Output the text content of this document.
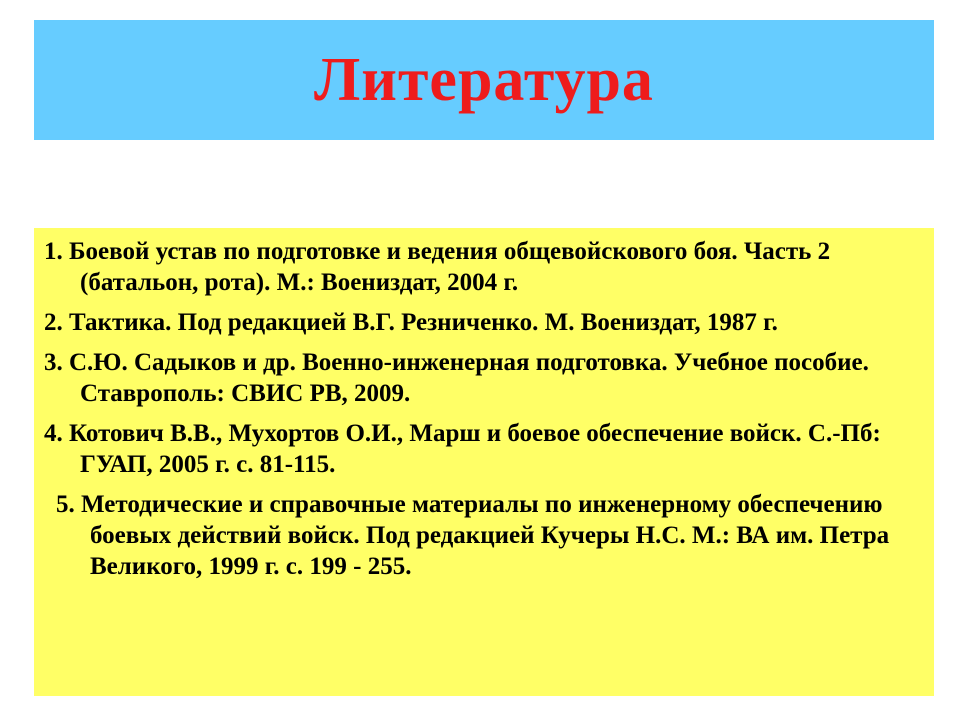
Литература
1. Боевой устав по подготовке и ведения общевойскового боя. Часть 2 (батальон, рота). М.: Воениздат, 2004 г.
2. Тактика. Под редакцией В.Г. Резниченко. М. Воениздат, 1987 г.
3. С.Ю. Садыков и др. Военно-инженерная подготовка. Учебное пособие. Ставрополь: СВИС РВ, 2009.
4. Котович В.В., Мухортов О.И., Марш и боевое обеспечение войск. С.-Пб: ГУАП, 2005 г. с. 81-115.
5. Методические и справочные материалы по инженерному обеспечению боевых действий войск. Под редакцией Кучеры Н.С. М.: ВА им. Петра Великого, 1999 г. с. 199 - 255.
